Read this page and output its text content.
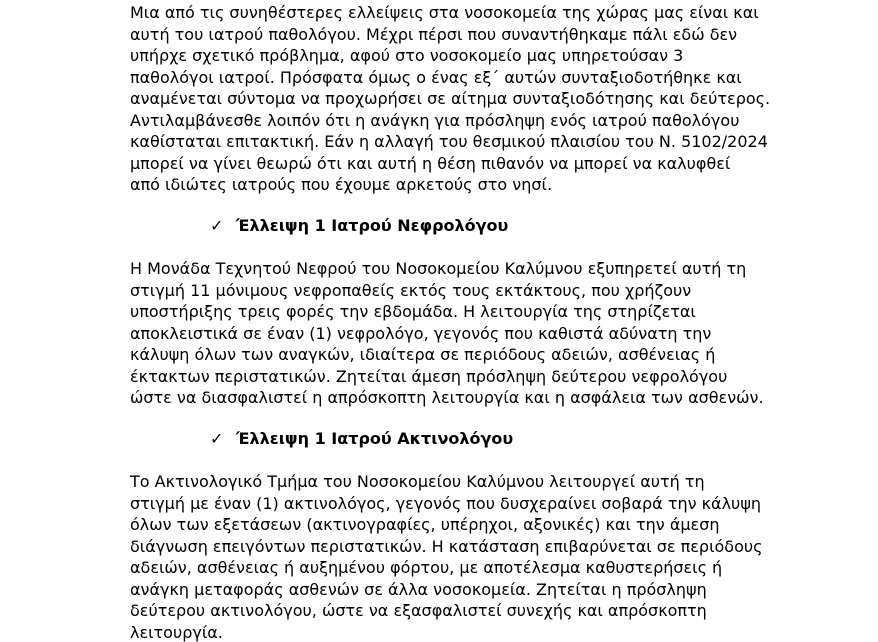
Μια από τις συνηθέστερες ελλείψεις στα νοσοκομεία της χώρας μας είναι και
αυτή του ιατρού παθολόγου. Μέχρι πέρσι που συναντήθηκαμε πάλι εδώ δεν
υπήρχε σχετικό πρόβλημα, αφού στο νοσοκομείο μας υπηρετούσαν 3
παθολόγοι ιατροί. Πρόσφατα όμως ο ένας εξ΄ αυτών συνταξιοδοτήθηκε και
αναμένεται σύντομα να προχωρήσει σε αίτημα συνταξιοδότησης και δεύτερος.
Αντιλαμβάνεσθε λοιπόν ότι η ανάγκη για πρόσληψη ενός ιατρού παθολόγου
καθίσταται επιτακτική. Εάν η αλλαγή του θεσμικού πλαισίου του Ν. 5102/2024
μπορεί να γίνει θεωρώ ότι και αυτή η θέση πιθανόν να μπορεί να καλυφθεί
από ιδιώτες ιατρούς που έχουμε αρκετούς στο νησί.
✓ Έλλειψη 1 Ιατρού Νεφρολόγου
Η Μονάδα Τεχνητού Νεφρού του Νοσοκομείου Καλύμνου εξυπηρετεί αυτή τη
στιγμή 11 μόνιμους νεφροπαθείς εκτός τους εκτάκτους, που χρήζουν
υποστήριξης τρεις φορές την εβδομάδα. Η λειτουργία της στηρίζεται
αποκλειστικά σε έναν (1) νεφρολόγο, γεγονός που καθιστά αδύνατη την
κάλυψη όλων των αναγκών, ιδιαίτερα σε περιόδους αδειών, ασθένειας ή
έκτακτων περιστατικών. Ζητείται άμεση πρόσληψη δεύτερου νεφρολόγου
ώστε να διασφαλιστεί η απρόσκοπτη λειτουργία και η ασφάλεια των ασθενών.
✓ Έλλειψη 1 Ιατρού Ακτινολόγου
Το Ακτινολογικό Τμήμα του Νοσοκομείου Καλύμνου λειτουργεί αυτή τη
στιγμή με έναν (1) ακτινολόγος, γεγονός που δυσχεραίνει σοβαρά την κάλυψη
όλων των εξετάσεων (ακτινογραφίες, υπέρηχοι, αξονικές) και την άμεση
διάγνωση επειγόντων περιστατικών. Η κατάσταση επιβαρύνεται σε περιόδους
αδειών, ασθένειας ή αυξημένου φόρτου, με αποτέλεσμα καθυστερήσεις ή
ανάγκη μεταφοράς ασθενών σε άλλα νοσοκομεία. Ζητείται η πρόσληψη
δεύτερου ακτινολόγου, ώστε να εξασφαλιστεί συνεχής και απρόσκοπτη
λειτουργία.
